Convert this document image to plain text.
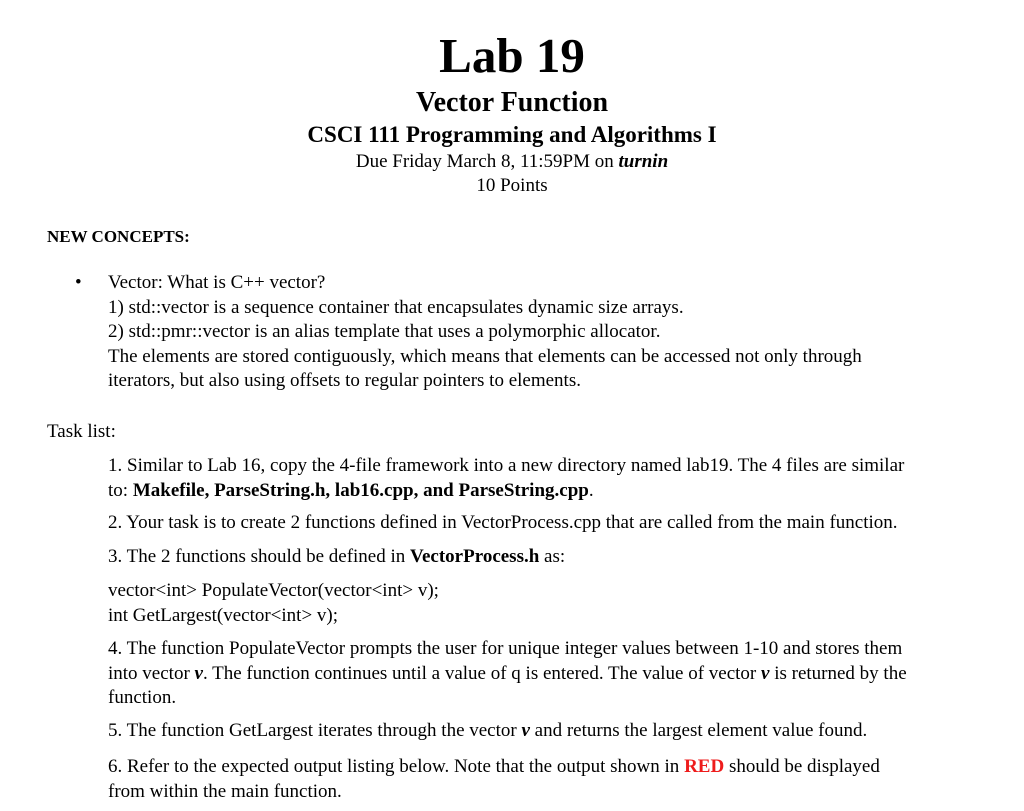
Lab 19
Vector Function
CSCI 111 Programming and Algorithms I
Due Friday March 8, 11:59PM on turnin
10 Points
NEW CONCEPTS:
• Vector: What is C++ vector?
1) std::vector is a sequence container that encapsulates dynamic size arrays.
2) std::pmr::vector is an alias template that uses a polymorphic allocator.
The elements are stored contiguously, which means that elements can be accessed not only through
iterators, but also using offsets to regular pointers to elements.
Task list:
1. Similar to Lab 16, copy the 4-file framework into a new directory named lab19. The 4 files are similar
to: Makefile, ParseString.h, lab16.cpp, and ParseString.cpp.
2. Your task is to create 2 functions defined in VectorProcess.cpp that are called from the main function.
3. The 2 functions should be defined in VectorProcess.h as:
vector<int> PopulateVector(vector<int> v);
int GetLargest(vector<int> v);
4. The function PopulateVector prompts the user for unique integer values between 1-10 and stores them
into vector v. The function continues until a value of q is entered. The value of vector v is returned by the
function.
5. The function GetLargest iterates through the vector v and returns the largest element value found.
6. Refer to the expected output listing below. Note that the output shown in RED should be displayed
from within the main function.
